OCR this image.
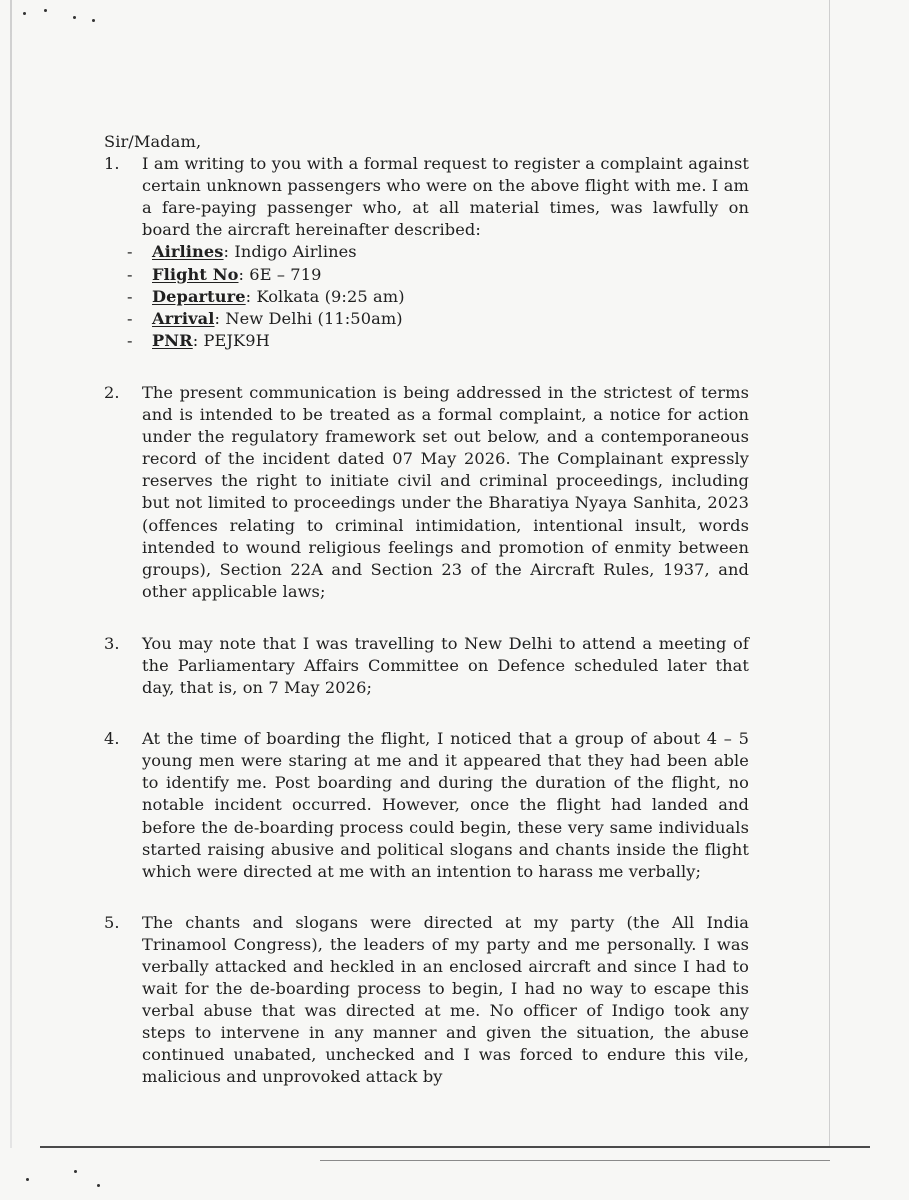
Sir/Madam,

1. I am writing to you with a formal request to register a complaint against certain unknown passengers who were on the above flight with me. I am a fare-paying passenger who, at all material times, was lawfully on board the aircraft hereinafter described:
- Airlines: Indigo Airlines
- Flight No: 6E – 719
- Departure: Kolkata (9:25 am)
- Arrival: New Delhi (11:50am)
- PNR: PEJK9H
2. The present communication is being addressed in the strictest of terms and is intended to be treated as a formal complaint, a notice for action under the regulatory framework set out below, and a contemporaneous record of the incident dated 07 May 2026. The Complainant expressly reserves the right to initiate civil and criminal proceedings, including but not limited to proceedings under the Bharatiya Nyaya Sanhita, 2023 (offences relating to criminal intimidation, intentional insult, words intended to wound religious feelings and promotion of enmity between groups), Section 22A and Section 23 of the Aircraft Rules, 1937, and other applicable laws;
3. You may note that I was travelling to New Delhi to attend a meeting of the Parliamentary Affairs Committee on Defence scheduled later that day, that is, on 7 May 2026;
4. At the time of boarding the flight, I noticed that a group of about 4 – 5 young men were staring at me and it appeared that they had been able to identify me. Post boarding and during the duration of the flight, no notable incident occurred. However, once the flight had landed and before the de-boarding process could begin, these very same individuals started raising abusive and political slogans and chants inside the flight which were directed at me with an intention to harass me verbally;
5. The chants and slogans were directed at my party (the All India Trinamool Congress), the leaders of my party and me personally. I was verbally attacked and heckled in an enclosed aircraft and since I had to wait for the de-boarding process to begin, I had no way to escape this verbal abuse that was directed at me. No officer of Indigo took any steps to intervene in any manner and given the situation, the abuse continued unabated, unchecked and I was forced to endure this vile, malicious and unprovoked attack by
